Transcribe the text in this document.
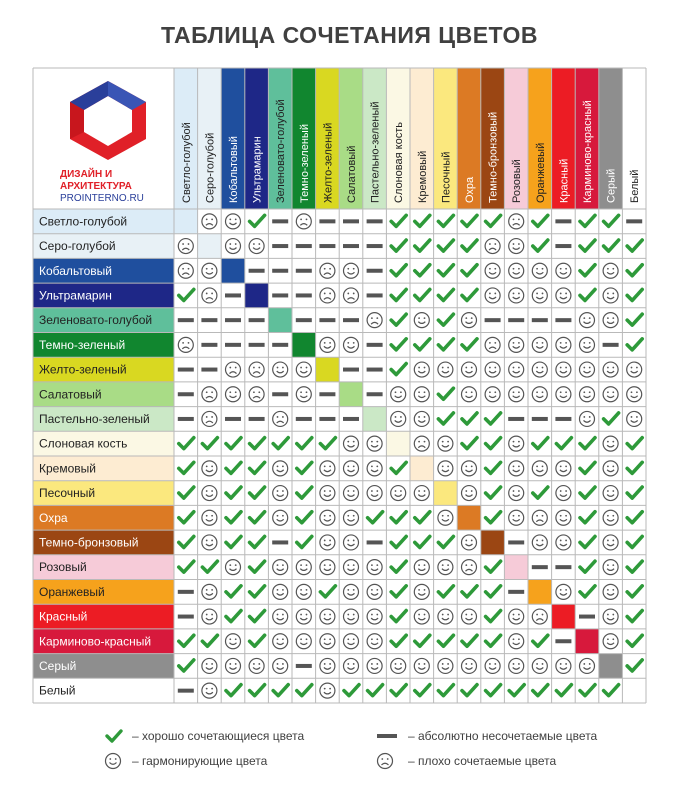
ТАБЛИЦА СОЧЕТАНИЯ ЦВЕТОВ
ДИЗАЙН И
АРХИТЕКТУРА
PROINTERNO.RU	Светло-голубой Серо-голубой Кобальтовый Ультрамарин Зеленовато-голубой Темно-зеленый Желто-зеленый Салатовый Пастельно-зеленый Слоновая кость Кремовый Песочный Охра Темно-бронзовый Розовый Оранжевый Красный Карминово-красный Серый Белый
Светло-голубой
Серо-голубой
Кобальтовый
Ультрамарин
Зеленовато-голубой
Темно-зеленый
Желто-зеленый
Салатовый
Пастельно-зеленый
Слоновая кость
Кремовый
Песочный
Охра
Темно-бронзовый
Розовый
Оранжевый
Красный
Карминово-красный
Серый
Белый
– хорошо сочетающиеся цвета
– гармонирующие цвета
– абсолютно несочетаемые цвета
– плохо сочетаемые цвета
